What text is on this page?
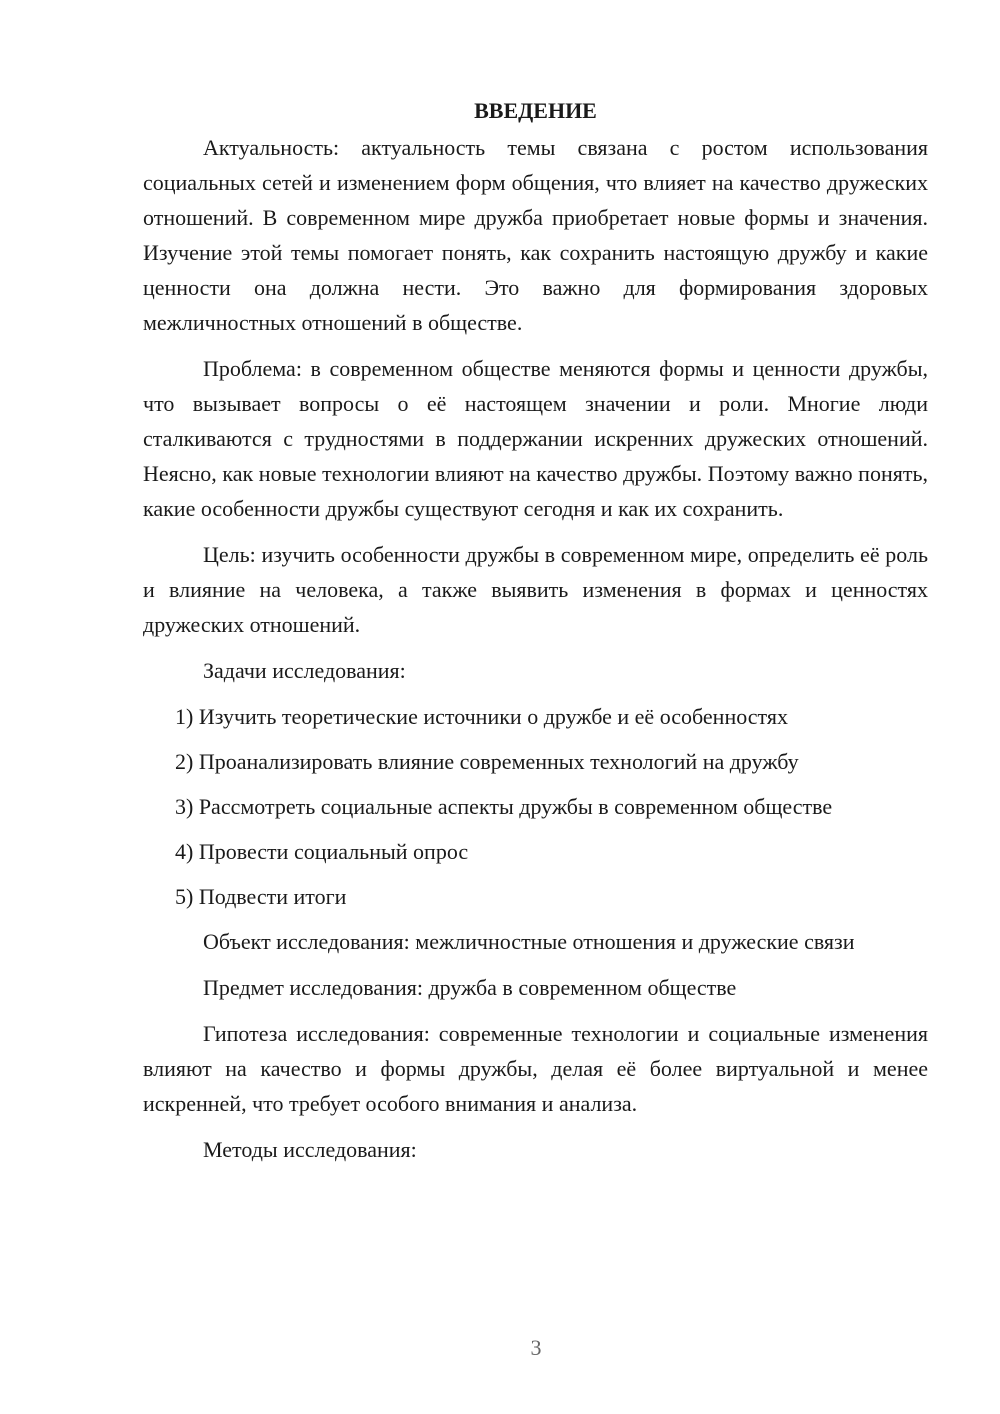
ВВЕДЕНИЕ

Актуальность: актуальность темы связана с ростом использования социальных сетей и изменением форм общения, что влияет на качество дружеских отношений. В современном мире дружба приобретает новые формы и значения. Изучение этой темы помогает понять, как сохранить настоящую дружбу и какие ценности она должна нести. Это важно для формирования здоровых межличностных отношений в обществе.

Проблема: в современном обществе меняются формы и ценности дружбы, что вызывает вопросы о её настоящем значении и роли. Многие люди сталкиваются с трудностями в поддержании искренних дружеских отношений. Неясно, как новые технологии влияют на качество дружбы. Поэтому важно понять, какие особенности дружбы существуют сегодня и как их сохранить.

Цель: изучить особенности дружбы в современном мире, определить её роль и влияние на человека, а также выявить изменения в формах и ценностях дружеских отношений.

Задачи исследования:

1) Изучить теоретические источники о дружбе и её особенностях

2) Проанализировать влияние современных технологий на дружбу

3) Рассмотреть социальные аспекты дружбы в современном обществе

4) Провести социальный опрос

5) Подвести итоги

Объект исследования: межличностные отношения и дружеские связи

Предмет исследования: дружба в современном обществе

Гипотеза исследования: современные технологии и социальные изменения влияют на качество и формы дружбы, делая её более виртуальной и менее искренней, что требует особого внимания и анализа.

Методы исследования:

3
